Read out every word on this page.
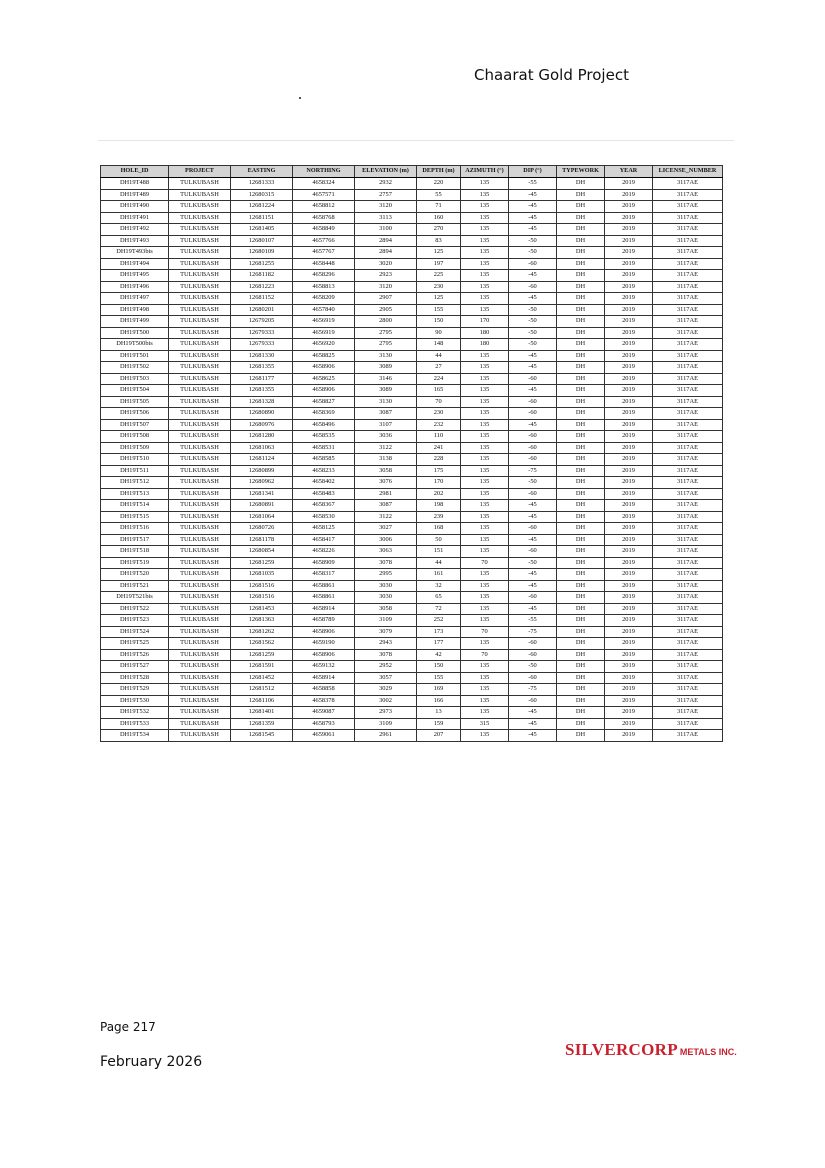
Chaarat Gold Project
HOLE_ID	PROJECT	EASTING	NORTHING	ELEVATION (m)	DEPTH (m)	AZIMUTH (°)	DIP (°)	TYPEWORK	YEAR	LICENSE_NUMBER
DH19T488	TULKUBASH	12681333	4658324	2932	220	135	-55	DH	2019	3117AE
DH19T489	TULKUBASH	12680315	4657571	2757	55	135	-45	DH	2019	3117AE
DH19T490	TULKUBASH	12681224	4658812	3120	71	135	-45	DH	2019	3117AE
DH19T491	TULKUBASH	12681151	4658768	3113	160	135	-45	DH	2019	3117AE
DH19T492	TULKUBASH	12681405	4658849	3100	270	135	-45	DH	2019	3117AE
DH19T493	TULKUBASH	12680107	4657766	2894	83	135	-50	DH	2019	3117AE
DH19T493bis	TULKUBASH	12680109	4657767	2894	125	135	-50	DH	2019	3117AE
DH19T494	TULKUBASH	12681255	4658448	3020	197	135	-60	DH	2019	3117AE
DH19T495	TULKUBASH	12681182	4658296	2923	225	135	-45	DH	2019	3117AE
DH19T496	TULKUBASH	12681223	4658813	3120	230	135	-60	DH	2019	3117AE
DH19T497	TULKUBASH	12681152	4658209	2907	125	135	-45	DH	2019	3117AE
DH19T498	TULKUBASH	12680201	4657840	2905	155	135	-50	DH	2019	3117AE
DH19T499	TULKUBASH	12679205	4656919	2800	150	170	-50	DH	2019	3117AE
DH19T500	TULKUBASH	12679333	4656919	2795	90	180	-50	DH	2019	3117AE
DH19T500bis	TULKUBASH	12679333	4656920	2795	148	180	-50	DH	2019	3117AE
DH19T501	TULKUBASH	12681330	4658825	3130	44	135	-45	DH	2019	3117AE
DH19T502	TULKUBASH	12681355	4658906	3089	27	135	-45	DH	2019	3117AE
DH19T503	TULKUBASH	12681177	4658625	3146	224	135	-60	DH	2019	3117AE
DH19T504	TULKUBASH	12681355	4658906	3089	165	135	-45	DH	2019	3117AE
DH19T505	TULKUBASH	12681328	4658827	3130	70	135	-60	DH	2019	3117AE
DH19T506	TULKUBASH	12680890	4658369	3087	230	135	-60	DH	2019	3117AE
DH19T507	TULKUBASH	12680976	4658496	3107	232	135	-45	DH	2019	3117AE
DH19T508	TULKUBASH	12681280	4658535	3036	110	135	-60	DH	2019	3117AE
DH19T509	TULKUBASH	12681063	4658531	3122	241	135	-60	DH	2019	3117AE
DH19T510	TULKUBASH	12681124	4658585	3138	228	135	-60	DH	2019	3117AE
DH19T511	TULKUBASH	12680899	4658233	3058	175	135	-75	DH	2019	3117AE
DH19T512	TULKUBASH	12680962	4658402	3076	170	135	-50	DH	2019	3117AE
DH19T513	TULKUBASH	12681341	4658483	2981	202	135	-60	DH	2019	3117AE
DH19T514	TULKUBASH	12680891	4658367	3087	198	135	-45	DH	2019	3117AE
DH19T515	TULKUBASH	12681064	4658530	3122	239	135	-45	DH	2019	3117AE
DH19T516	TULKUBASH	12680726	4658125	3027	168	135	-60	DH	2019	3117AE
DH19T517	TULKUBASH	12681178	4658417	3006	50	135	-45	DH	2019	3117AE
DH19T518	TULKUBASH	12680854	4658226	3063	151	135	-60	DH	2019	3117AE
DH19T519	TULKUBASH	12681259	4658909	3078	44	70	-50	DH	2019	3117AE
DH19T520	TULKUBASH	12681035	4658317	2995	161	135	-45	DH	2019	3117AE
DH19T521	TULKUBASH	12681516	4658861	3030	32	135	-45	DH	2019	3117AE
DH19T521bis	TULKUBASH	12681516	4658861	3030	65	135	-60	DH	2019	3117AE
DH19T522	TULKUBASH	12681453	4658914	3058	72	135	-45	DH	2019	3117AE
DH19T523	TULKUBASH	12681363	4658789	3109	252	135	-55	DH	2019	3117AE
DH19T524	TULKUBASH	12681262	4658906	3079	173	70	-75	DH	2019	3117AE
DH19T525	TULKUBASH	12681562	4659190	2943	177	135	-60	DH	2019	3117AE
DH19T526	TULKUBASH	12681259	4658906	3078	42	70	-60	DH	2019	3117AE
DH19T527	TULKUBASH	12681591	4659132	2952	150	135	-50	DH	2019	3117AE
DH19T528	TULKUBASH	12681452	4658914	3057	155	135	-60	DH	2019	3117AE
DH19T529	TULKUBASH	12681512	4658858	3029	169	135	-75	DH	2019	3117AE
DH19T530	TULKUBASH	12681106	4658378	3002	166	135	-60	DH	2019	3117AE
DH19T532	TULKUBASH	12681401	4659087	2973	13	135	-45	DH	2019	3117AE
DH19T533	TULKUBASH	12681359	4658793	3109	159	315	-45	DH	2019	3117AE
DH19T534	TULKUBASH	12681545	4659061	2961	207	135	-45	DH	2019	3117AE
Page 217
February 2026
SILVERCORP METALS INC.
